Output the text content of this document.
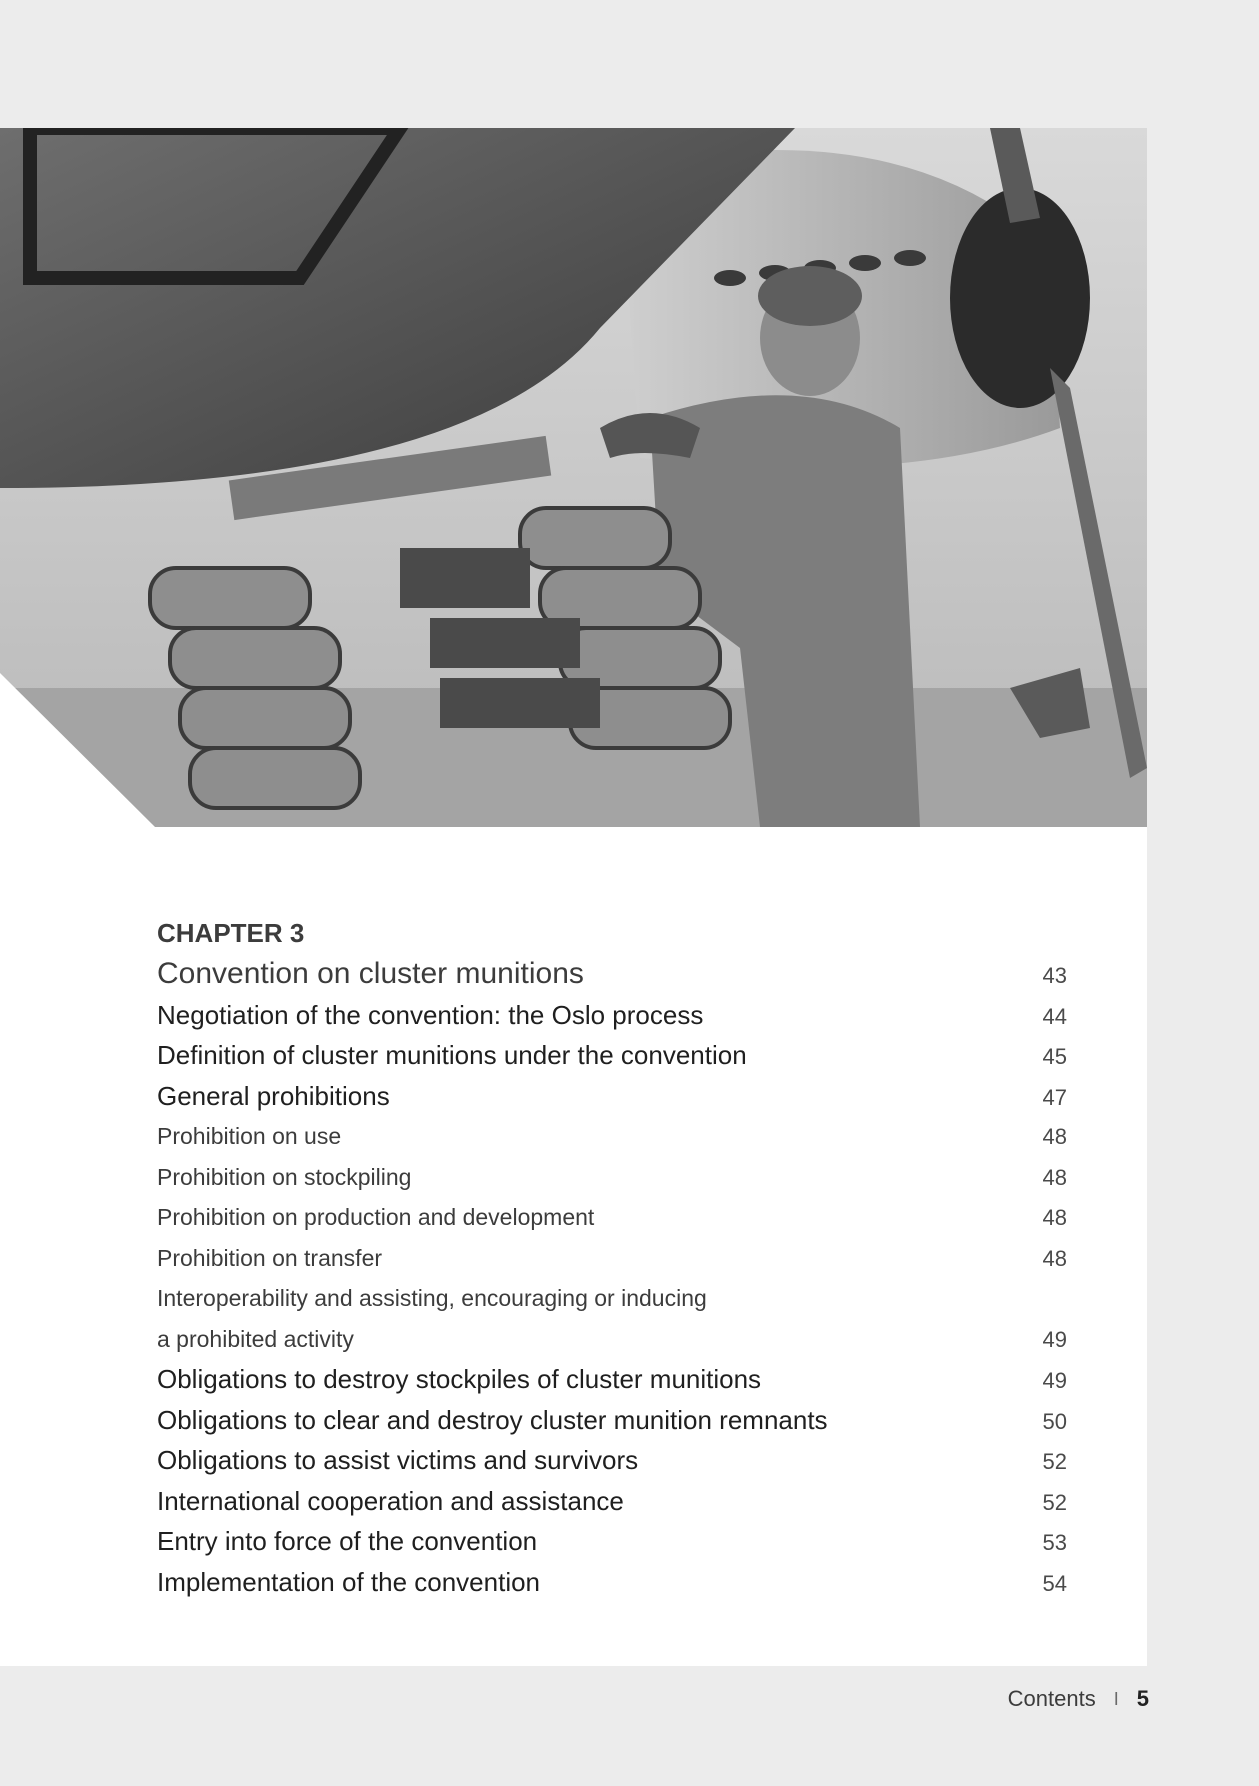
CHAPTER 3
Convention on cluster munitions	43
Negotiation of the convention: the Oslo process	44
Definition of cluster munitions under the convention	45
General prohibitions	47
Prohibition on use	48
Prohibition on stockpiling	48
Prohibition on production and development	48
Prohibition on transfer	48
Interoperability and assisting, encouraging or inducing
a prohibited activity	49
Obligations to destroy stockpiles of cluster munitions	49
Obligations to clear and destroy cluster munition remnants	50
Obligations to assist victims and survivors	52
International cooperation and assistance	52
Entry into force of the convention	53
Implementation of the convention	54
Contents I 5
